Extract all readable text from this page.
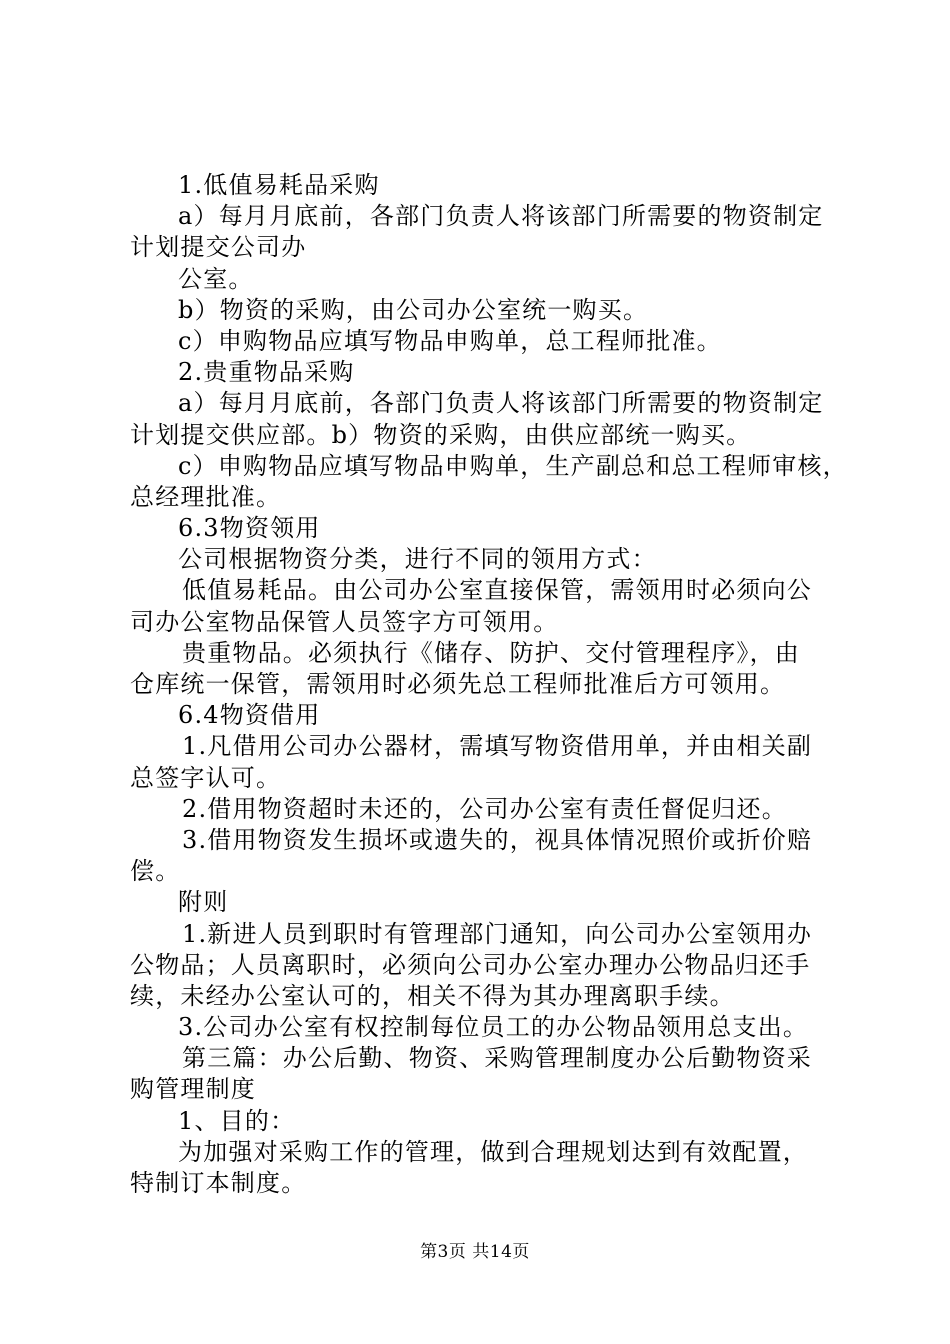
1.低值易耗品采购
a）每月月底前，各部门负责人将该部门所需要的物资制定
计划提交公司办
公室。
b）物资的采购，由公司办公室统一购买。
c）申购物品应填写物品申购单，总工程师批准。
2.贵重物品采购
a）每月月底前，各部门负责人将该部门所需要的物资制定
计划提交供应部。b）物资的采购，由供应部统一购买。
c）申购物品应填写物品申购单，生产副总和总工程师审核，
总经理批准。
6.3物资领用
公司根据物资分类，进行不同的领用方式：
低值易耗品。由公司办公室直接保管，需领用时必须向公
司办公室物品保管人员签字方可领用。
贵重物品。必须执行《储存、防护、交付管理程序》，由
仓库统一保管，需领用时必须先总工程师批准后方可领用。
6.4物资借用
1.凡借用公司办公器材，需填写物资借用单，并由相关副
总签字认可。
2.借用物资超时未还的，公司办公室有责任督促归还。
3.借用物资发生损坏或遗失的，视具体情况照价或折价赔
偿。
附则
1.新进人员到职时有管理部门通知，向公司办公室领用办
公物品；人员离职时，必须向公司办公室办理办公物品归还手
续，未经办公室认可的，相关不得为其办理离职手续。
3.公司办公室有权控制每位员工的办公物品领用总支出。
第三篇：办公后勤、物资、采购管理制度办公后勤物资采
购管理制度
1、目的：
为加强对采购工作的管理，做到合理规划达到有效配置，
特制订本制度。
第3页 共14页
